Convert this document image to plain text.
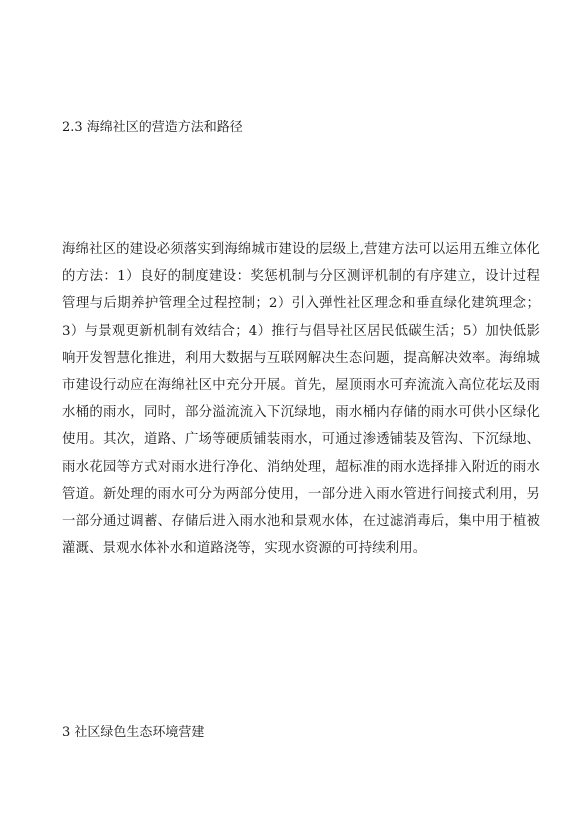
2.3 海绵社区的营造方法和路径
海绵社区的建设必须落实到海绵城市建设的层级上,营建方法可以运用五维立体化的方法：1）良好的制度建设：奖惩机制与分区测评机制的有序建立，设计过程管理与后期养护管理全过程控制；2）引入弹性社区理念和垂直绿化建筑理念；3）与景观更新机制有效结合；4）推行与倡导社区居民低碳生活；5）加快低影响开发智慧化推进，利用大数据与互联网解决生态问题，提高解决效率。海绵城市建设行动应在海绵社区中充分开展。首先，屋顶雨水可弃流流入高位花坛及雨水桶的雨水，同时，部分溢流流入下沉绿地，雨水桶内存储的雨水可供小区绿化使用。其次，道路、广场等硬质铺装雨水，可通过渗透铺装及管沟、下沉绿地、雨水花园等方式对雨水进行净化、消纳处理，超标准的雨水选择排入附近的雨水管道。新处理的雨水可分为两部分使用，一部分进入雨水管进行间接式利用，另一部分通过调蓄、存储后进入雨水池和景观水体，在过滤消毒后，集中用于植被灌溉、景观水体补水和道路浇等，实现水资源的可持续利用。
3 社区绿色生态环境营建
